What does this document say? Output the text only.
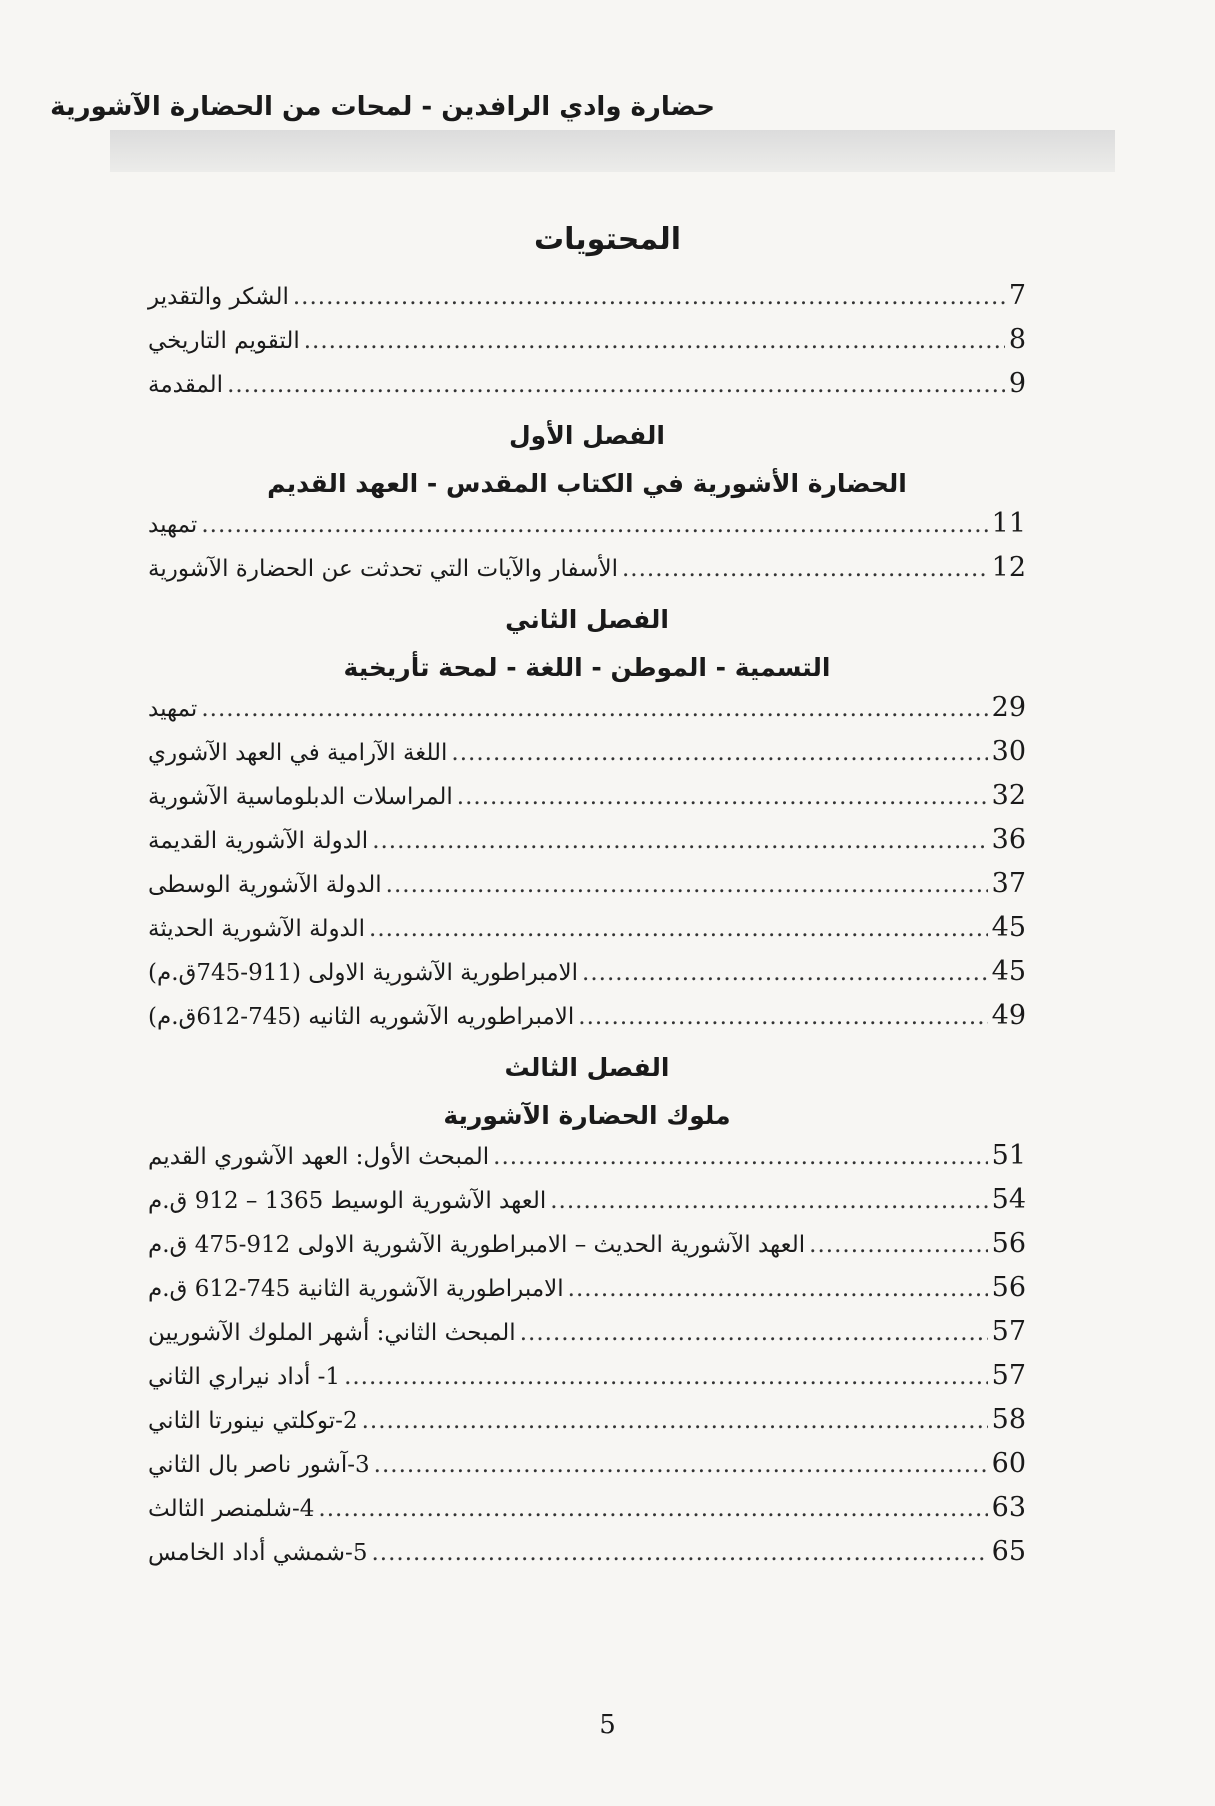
حضارة وادي الرافدين - لمحات من الحضارة الآشورية
المحتويات
الشكر والتقدير .....	7
التقويم التاريخي .....	8
المقدمة .....	9
الفصل الأول
الحضارة الأشورية في الكتاب المقدس - العهد القديم
تمهيد .....	11
الأسفار والآيات التي تحدثت عن الحضارة الآشورية .....	12
الفصل الثاني
التسمية - الموطن - اللغة - لمحة تأريخية
تمهيد .....	29
اللغة الآرامية في العهد الآشوري .....	30
المراسلات الدبلوماسية الآشورية .....	32
الدولة الآشورية القديمة .....	36
الدولة الآشورية الوسطى .....	37
الدولة الآشورية الحديثة .....	45
الامبراطورية الآشورية الاولى (911-745ق.م) .....	45
الامبراطوريه الآشوريه الثانيه (745-612ق.م) .....	49
الفصل الثالث
ملوك الحضارة الآشورية
المبحث الأول: العهد الآشوري القديم .....	51
العهد الآشورية الوسيط 1365 – 912 ق.م .....	54
العهد الآشورية الحديث – الامبراطورية الآشورية الاولى 912-475 ق.م .....	56
الامبراطورية الآشورية الثانية 745-612 ق.م .....	56
المبحث الثاني: أشهر الملوك الآشوريين .....	57
1- أداد نيراري الثاني .....	57
2-توكلتي نينورتا الثاني .....	58
3-آشور ناصر بال الثاني .....	60
4-شلمنصر الثالث .....	63
5-شمشي أداد الخامس .....	65
5
